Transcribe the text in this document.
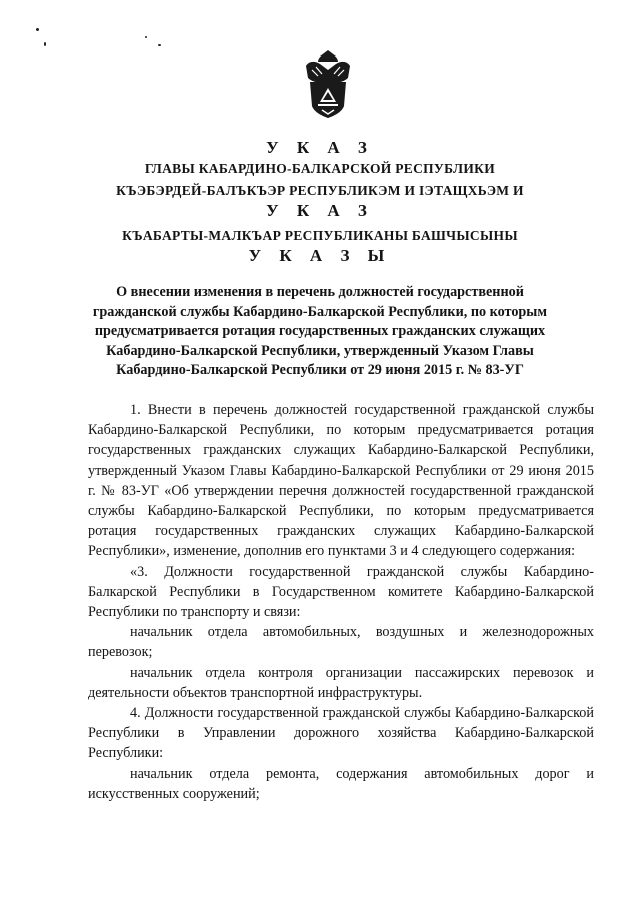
У К А З
ГЛАВЫ КАБАРДИНО-БАЛКАРСКОЙ РЕСПУБЛИКИ
КЪЭБЭРДЕЙ-БАЛЪКЪЭР РЕСПУБЛИКЭМ И ІЭТАЩХЬЭМ И
У К А З
КЪАБАРТЫ-МАЛКЪАР РЕСПУБЛИКАНЫ БАШЧЫСЫНЫ
У К А З Ы
О внесении изменения в перечень должностей государственной
гражданской службы Кабардино-Балкарской Республики, по которым
предусматривается ротация государственных гражданских служащих
Кабардино-Балкарской Республики, утвержденный Указом Главы
Кабардино-Балкарской Республики от 29 июня 2015 г. № 83-УГ

1. Внести в перечень должностей государственной гражданской службы Кабардино-Балкарской Республики, по которым предусматривается ротация государственных гражданских служащих Кабардино-Балкарской Республики, утвержденный Указом Главы Кабардино-Балкарской Республики от 29 июня 2015 г. № 83-УГ «Об утверждении перечня должностей государственной гражданской службы Кабардино-Балкарской Республики, по которым предусматривается ротация государственных гражданских служащих Кабардино-Балкарской Республики», изменение, дополнив его пунктами 3 и 4 следующего содержания:

«3. Должности государственной гражданской службы Кабардино-Балкарской Республики в Государственном комитете Кабардино-Балкарской Республики по транспорту и связи:

начальник отдела автомобильных, воздушных и железнодорожных перевозок;

начальник отдела контроля организации пассажирских перевозок и деятельности объектов транспортной инфраструктуры.

4. Должности государственной гражданской службы Кабардино-Балкарской Республики в Управлении дорожного хозяйства Кабардино-Балкарской Республики:

начальник отдела ремонта, содержания автомобильных дорог и искусственных сооружений;
